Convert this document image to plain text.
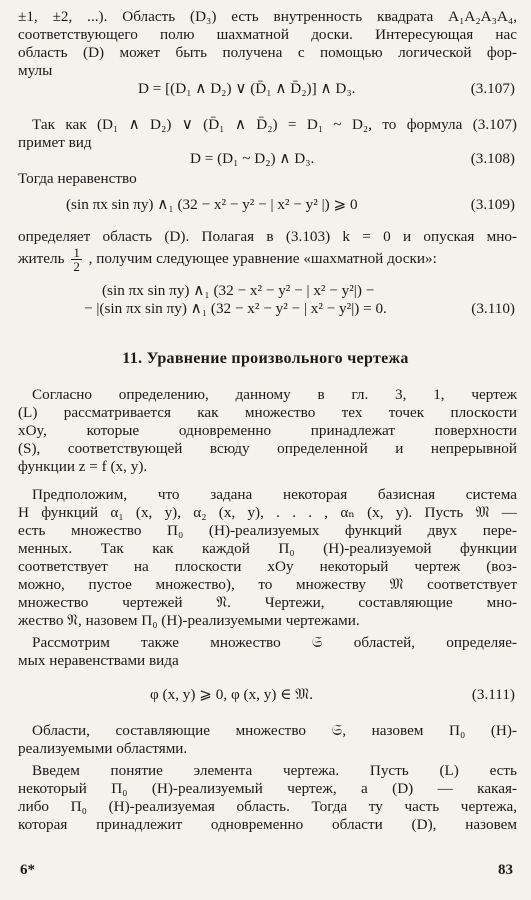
±1, ±2, ...). Область (D₃) есть внутренность квадрата A₁A₂A₃A₄,
соответствующего полю шахматной доски. Интересующая нас
область (D) может быть получена с помощью логической фор-
мулы
D = [(D₁ ∧ D₂) ∨ (D̄₁ ∧ D̄₂)] ∧ D₃.	(3.107)
Так как (D₁ ∧ D₂) ∨ (D̄₁ ∧ D̄₂) = D₁ ~ D₂, то формула (3.107)
примет вид
D = (D₁ ~ D₂) ∧ D₃.	(3.108)
Тогда неравенство
(sin πx sin πy) ∧₁ (32 − x² − y² − | x² − y² |) ⩾ 0	(3.109)
определяет область (D). Полагая в (3.103) k = 0 и опуская мно-
житель $\frac{1}{2}$ , получим следующее уравнение «шахматной доски»:
(sin πx sin πy) ∧₁ (32 − x² − y² − | x² − y²|) −
− |(sin πx sin πy) ∧₁ (32 − x² − y² − | x² − y²|) = 0.	(3.110)
11. Уравнение произвольного чертежа
Согласно определению, данному в гл. 3, 1, чертеж
(L) рассматривается как множество тех точек плоскости
xOy, которые одновременно принадлежат поверхности
(S), соответствующей всюду определенной и непрерывной
функции z = f (x, y).
Предположим, что задана некоторая базисная система
H функций α₁ (x, y), α₂ (x, y), . . . , αₙ (x, y). Пусть 𝔐 —
есть множество Π₀ (H)-реализуемых функций двух пере-
менных. Так как каждой Π₀ (H)-реализуемой функции
соответствует на плоскости xOy некоторый чертеж (воз-
можно, пустое множество), то множеству 𝔐 соответствует
множество чертежей 𝔑. Чертежи, составляющие мно-
жество 𝔑, назовем Π₀ (H)-реализуемыми чертежами.
Рассмотрим также множество 𝔖 областей, определяе-
мых неравенствами вида
φ (x, y) ⩾ 0, φ (x, y) ∈ 𝔐.	(3.111)
Области, составляющие множество 𝔖, назовем Π₀ (H)-
реализуемыми областями.
Введем понятие элемента чертежа. Пусть (L) есть
некоторый Π₀ (H)-реализуемый чертеж, а (D) — какая-
либо Π₀ (H)-реализуемая область. Тогда ту часть чертежа,
которая принадлежит одновременно области (D), назовем
6*	83
